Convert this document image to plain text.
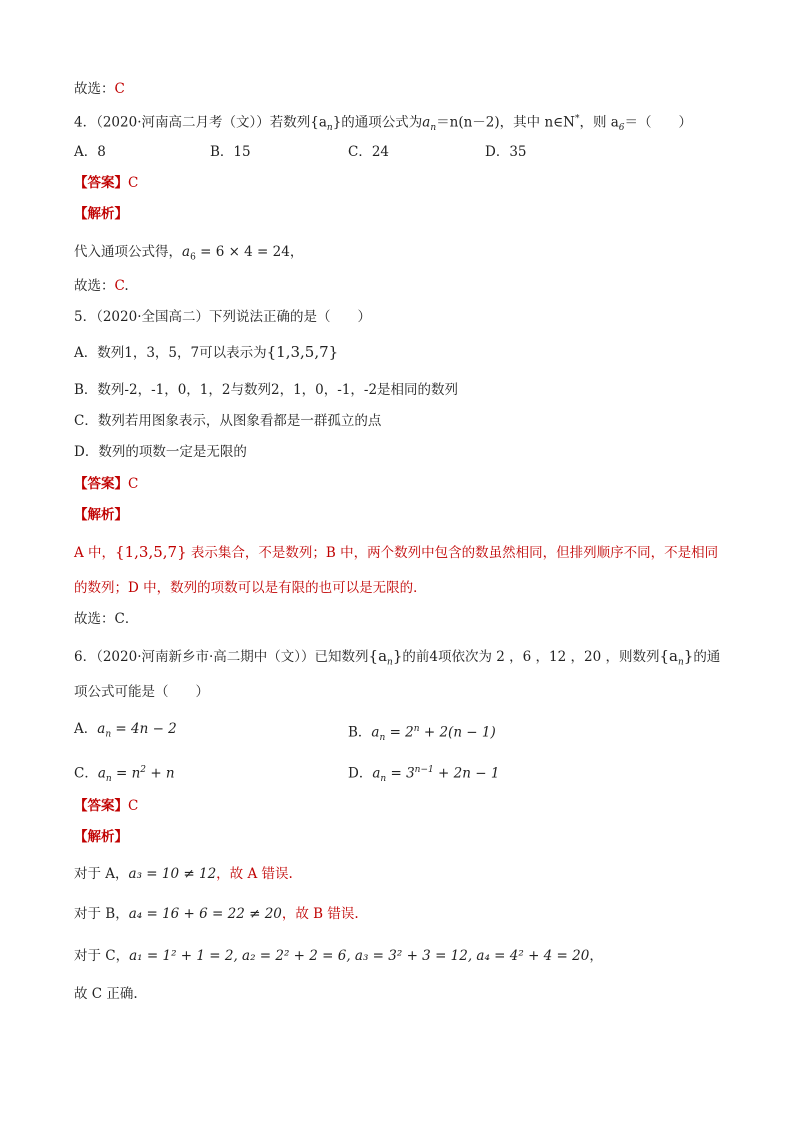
故选：C
4．（2020·河南高二月考（文））若数列$\{a_n\}$的通项公式为$a_n=n(n-2)$，其中 n∈N*，则 $a_6=$（　　）
A．8	B．15	C．24	D．35
【答案】C
【解析】
代入通项公式得，$a_6 = 6 \times 4 = 24$，
故选：C.
5．（2020·全国高二）下列说法正确的是（　　）
A．数列1，3，5，7可以表示为{1,3,5,7}
B．数列-2，-1，0，1，2与数列2，1，0，-1，-2是相同的数列
C．数列若用图象表示，从图象看都是一群孤立的点
D．数列的项数一定是无限的
【答案】C
【解析】
A 中，{1,3,5,7} 表示集合，不是数列；B 中，两个数列中包含的数虽然相同，但排列顺序不同，不是相同
的数列；D 中，数列的项数可以是有限的也可以是无限的．
故选：C．
6．（2020·河南新乡市·高二期中（文））已知数列$\{a_n\}$的前4项依次为 2 ，6 ，12 ，20 ，则数列$\{a_n\}$的通
项公式可能是（　　）
A．$a_n = 4n - 2$	B．$a_n = 2^n + 2(n - 1)$
C．$a_n = n^2 + n$	D．$a_n = 3^{n-1} + 2n - 1$
【答案】C
【解析】
对于 A，a₃ = 10 ≠ 12，故 A 错误.
对于 B，a₄ = 16 + 6 = 22 ≠ 20，故 B 错误.
对于 C，a₁ = 1² + 1 = 2, a₂ = 2² + 2 = 6, a₃ = 3² + 3 = 12, a₄ = 4² + 4 = 20，
故 C 正确.
